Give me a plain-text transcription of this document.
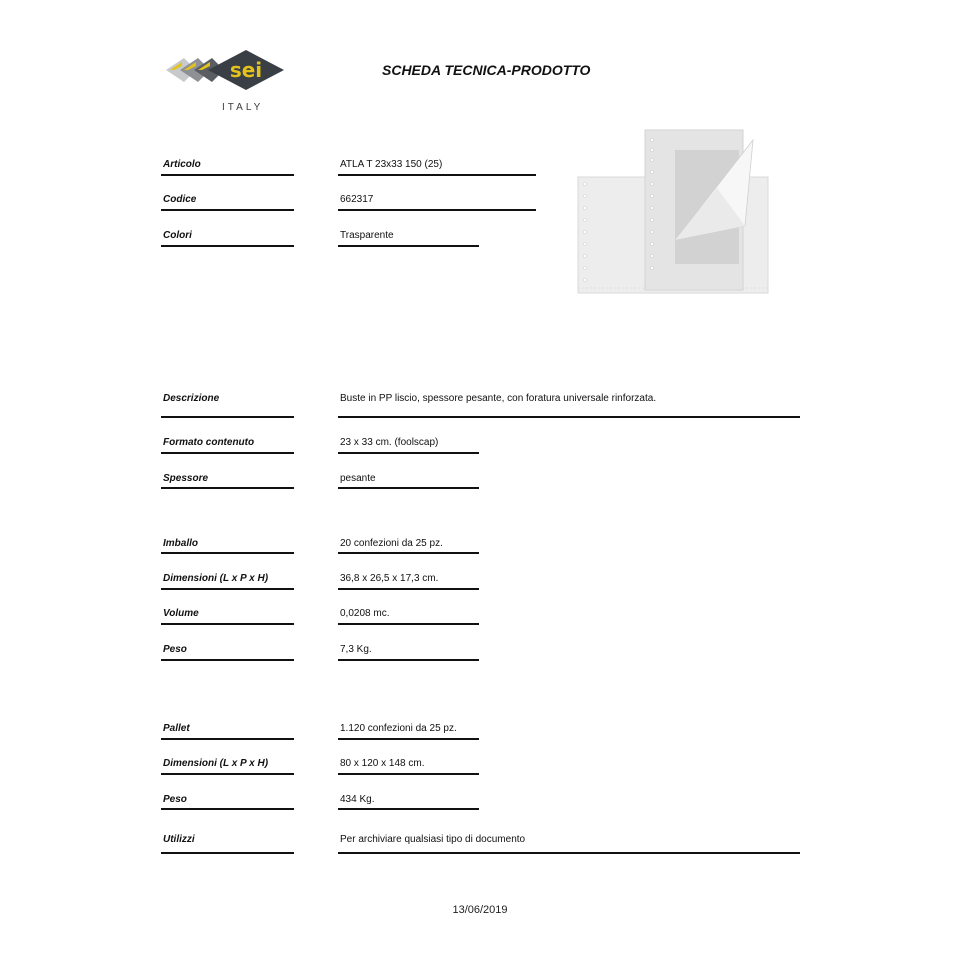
sei
ITALY
SCHEDA TECNICA-PRODOTTO
Articolo	ATLA T 23x33 150 (25)
Codice	662317
Colori	Trasparente
Descrizione	Buste in PP liscio, spessore pesante, con foratura universale rinforzata.
Formato contenuto	23 x 33 cm. (foolscap)
Spessore	pesante
Imballo	20 confezioni da 25 pz.
Dimensioni (L x P x H)	36,8 x 26,5 x 17,3 cm.
Volume	0,0208 mc.
Peso	7,3 Kg.
Pallet	1.120 confezioni da 25 pz.
Dimensioni (L x P x H)	80 x 120 x 148 cm.
Peso	434 Kg.
Utilizzi	Per archiviare qualsiasi tipo di documento
13/06/2019
